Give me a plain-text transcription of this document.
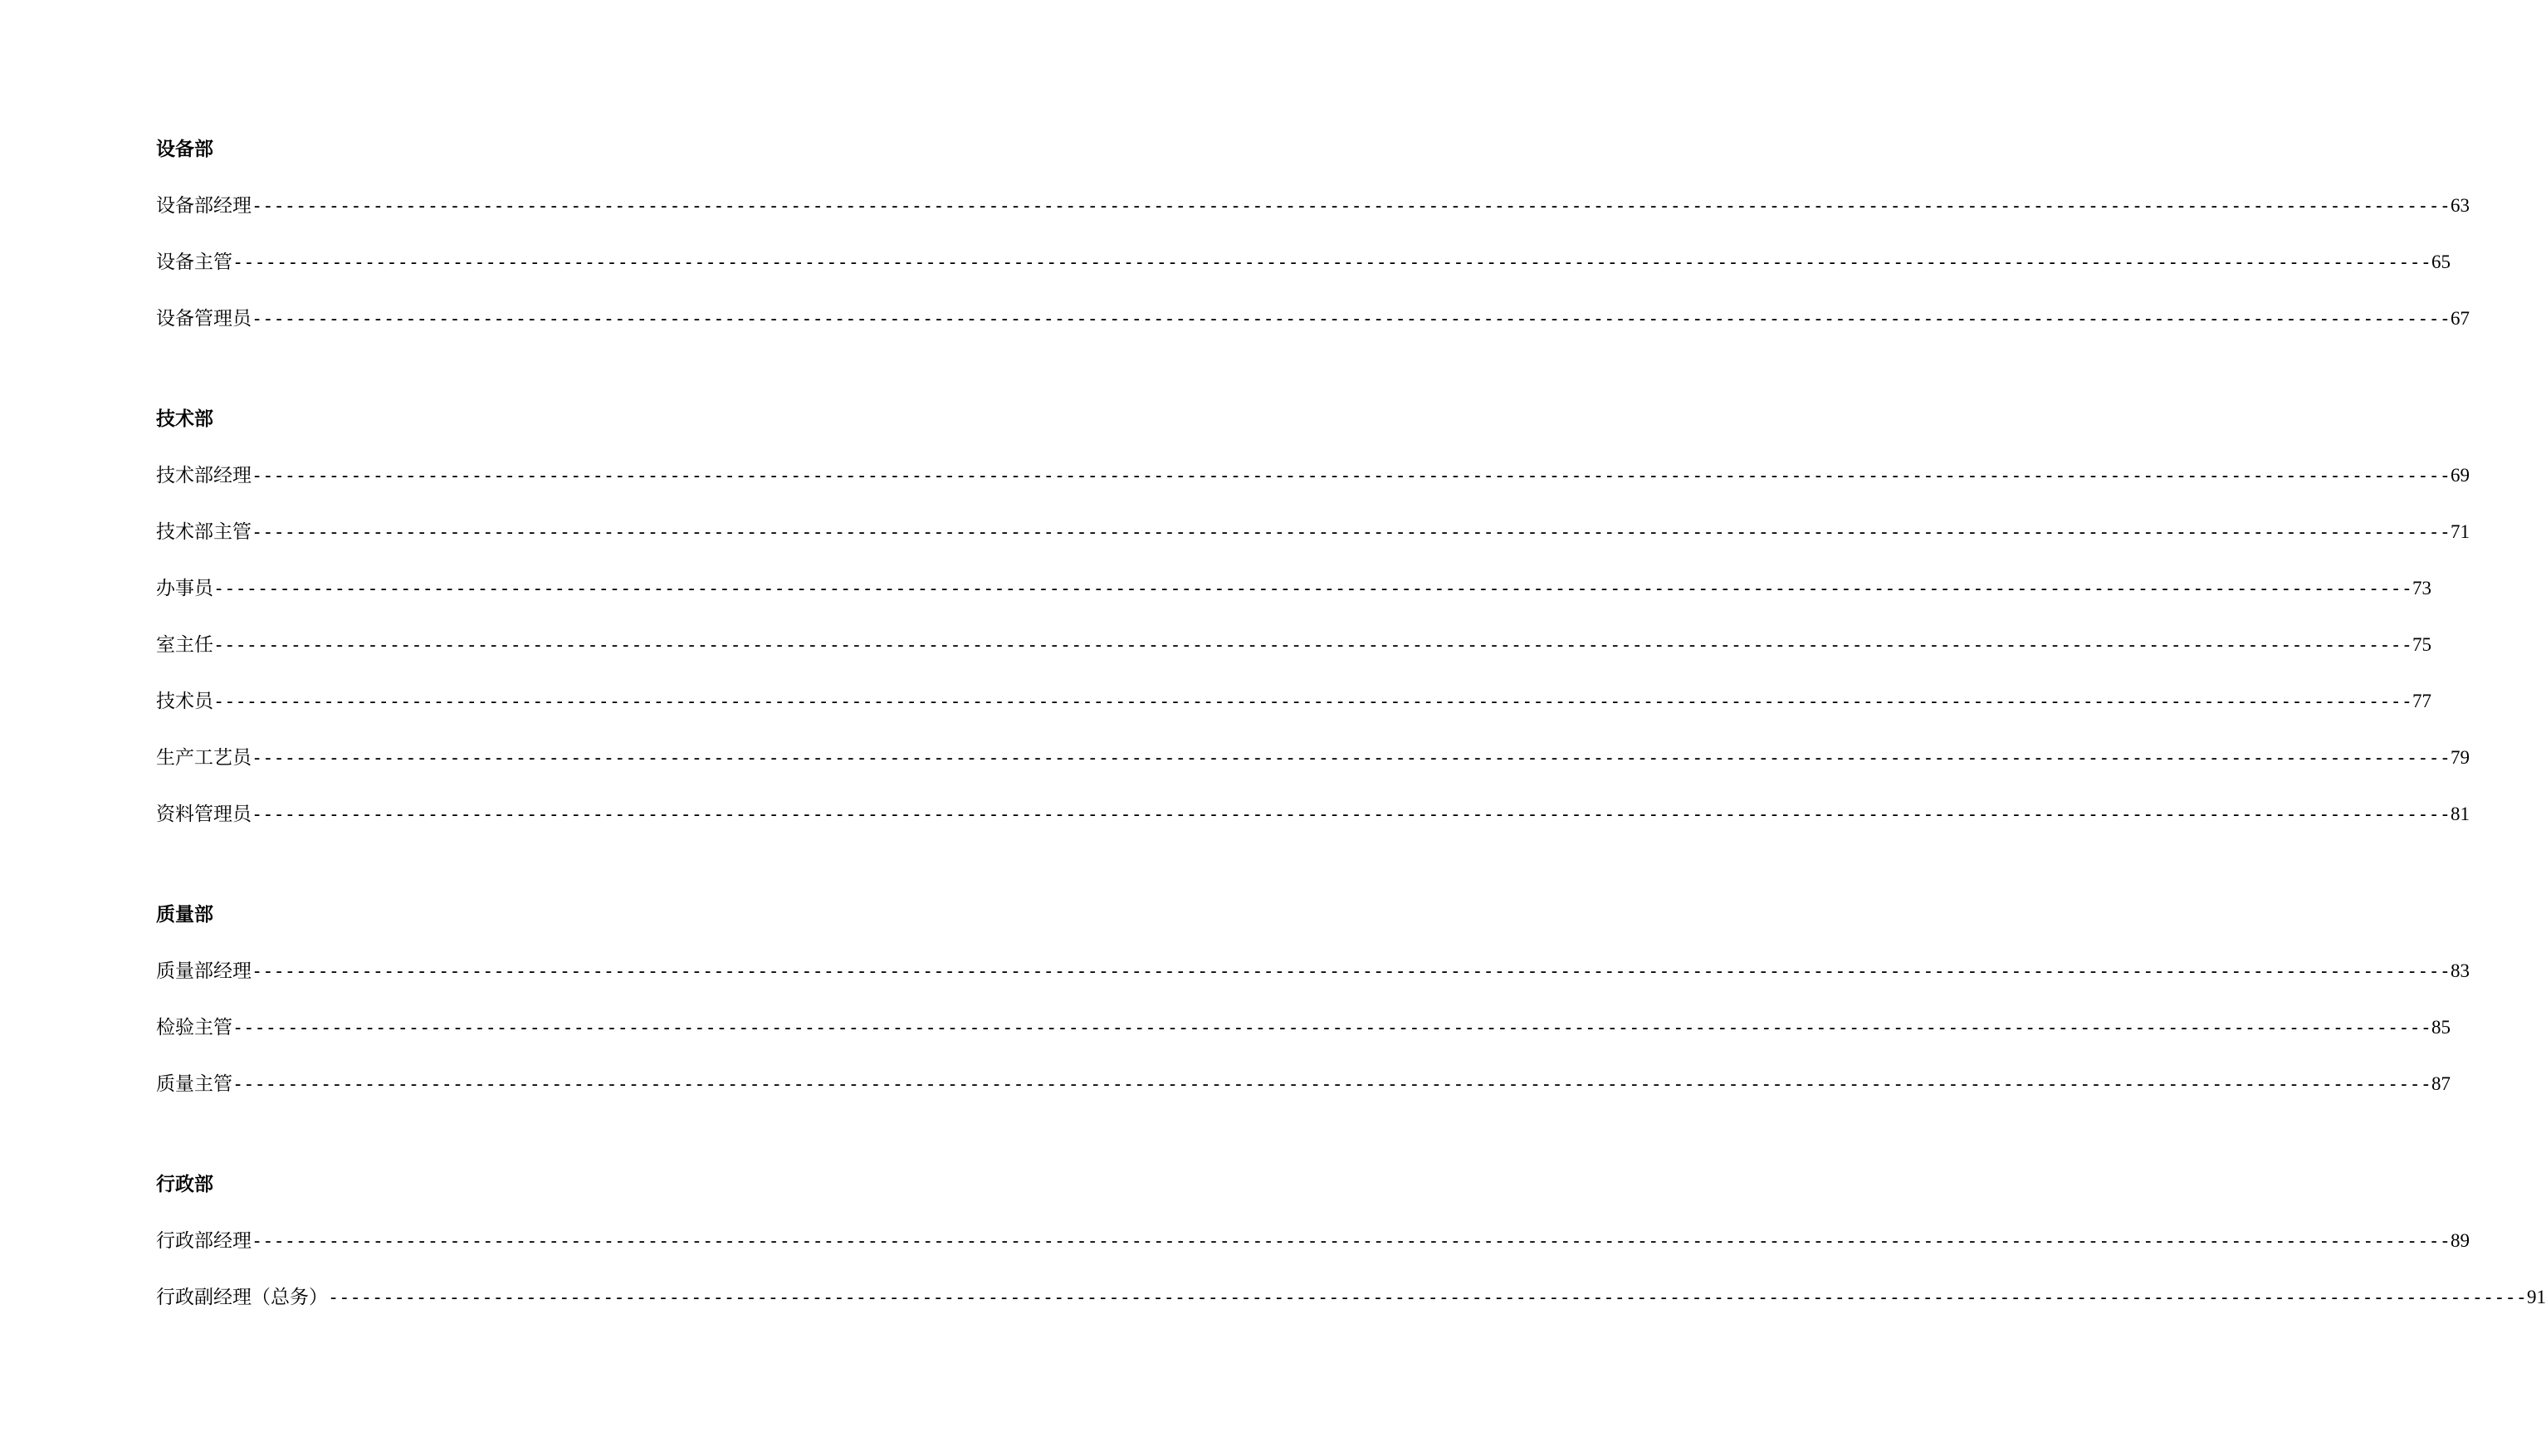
设备部
设备部经理 -------------------------------------------------------------------------------------------------------------------------------------------------------------------------------------------------------- 63
设备主管 -------------------------------------------------------------------------------------------------------------------------------------------------------------------------------------------------------- 65
设备管理员 -------------------------------------------------------------------------------------------------------------------------------------------------------------------------------------------------------- 67
技术部
技术部经理 -------------------------------------------------------------------------------------------------------------------------------------------------------------------------------------------------------- 69
技术部主管 -------------------------------------------------------------------------------------------------------------------------------------------------------------------------------------------------------- 71
办事员 -------------------------------------------------------------------------------------------------------------------------------------------------------------------------------------------------------- 73
室主任 -------------------------------------------------------------------------------------------------------------------------------------------------------------------------------------------------------- 75
技术员 -------------------------------------------------------------------------------------------------------------------------------------------------------------------------------------------------------- 77
生产工艺员 -------------------------------------------------------------------------------------------------------------------------------------------------------------------------------------------------------- 79
资料管理员 -------------------------------------------------------------------------------------------------------------------------------------------------------------------------------------------------------- 81
质量部
质量部经理 -------------------------------------------------------------------------------------------------------------------------------------------------------------------------------------------------------- 83
检验主管 -------------------------------------------------------------------------------------------------------------------------------------------------------------------------------------------------------- 85
质量主管 -------------------------------------------------------------------------------------------------------------------------------------------------------------------------------------------------------- 87
行政部
行政部经理 -------------------------------------------------------------------------------------------------------------------------------------------------------------------------------------------------------- 89
行政副经理（总务） -------------------------------------------------------------------------------------------------------------------------------------------------------------------------------------------------------- 91
